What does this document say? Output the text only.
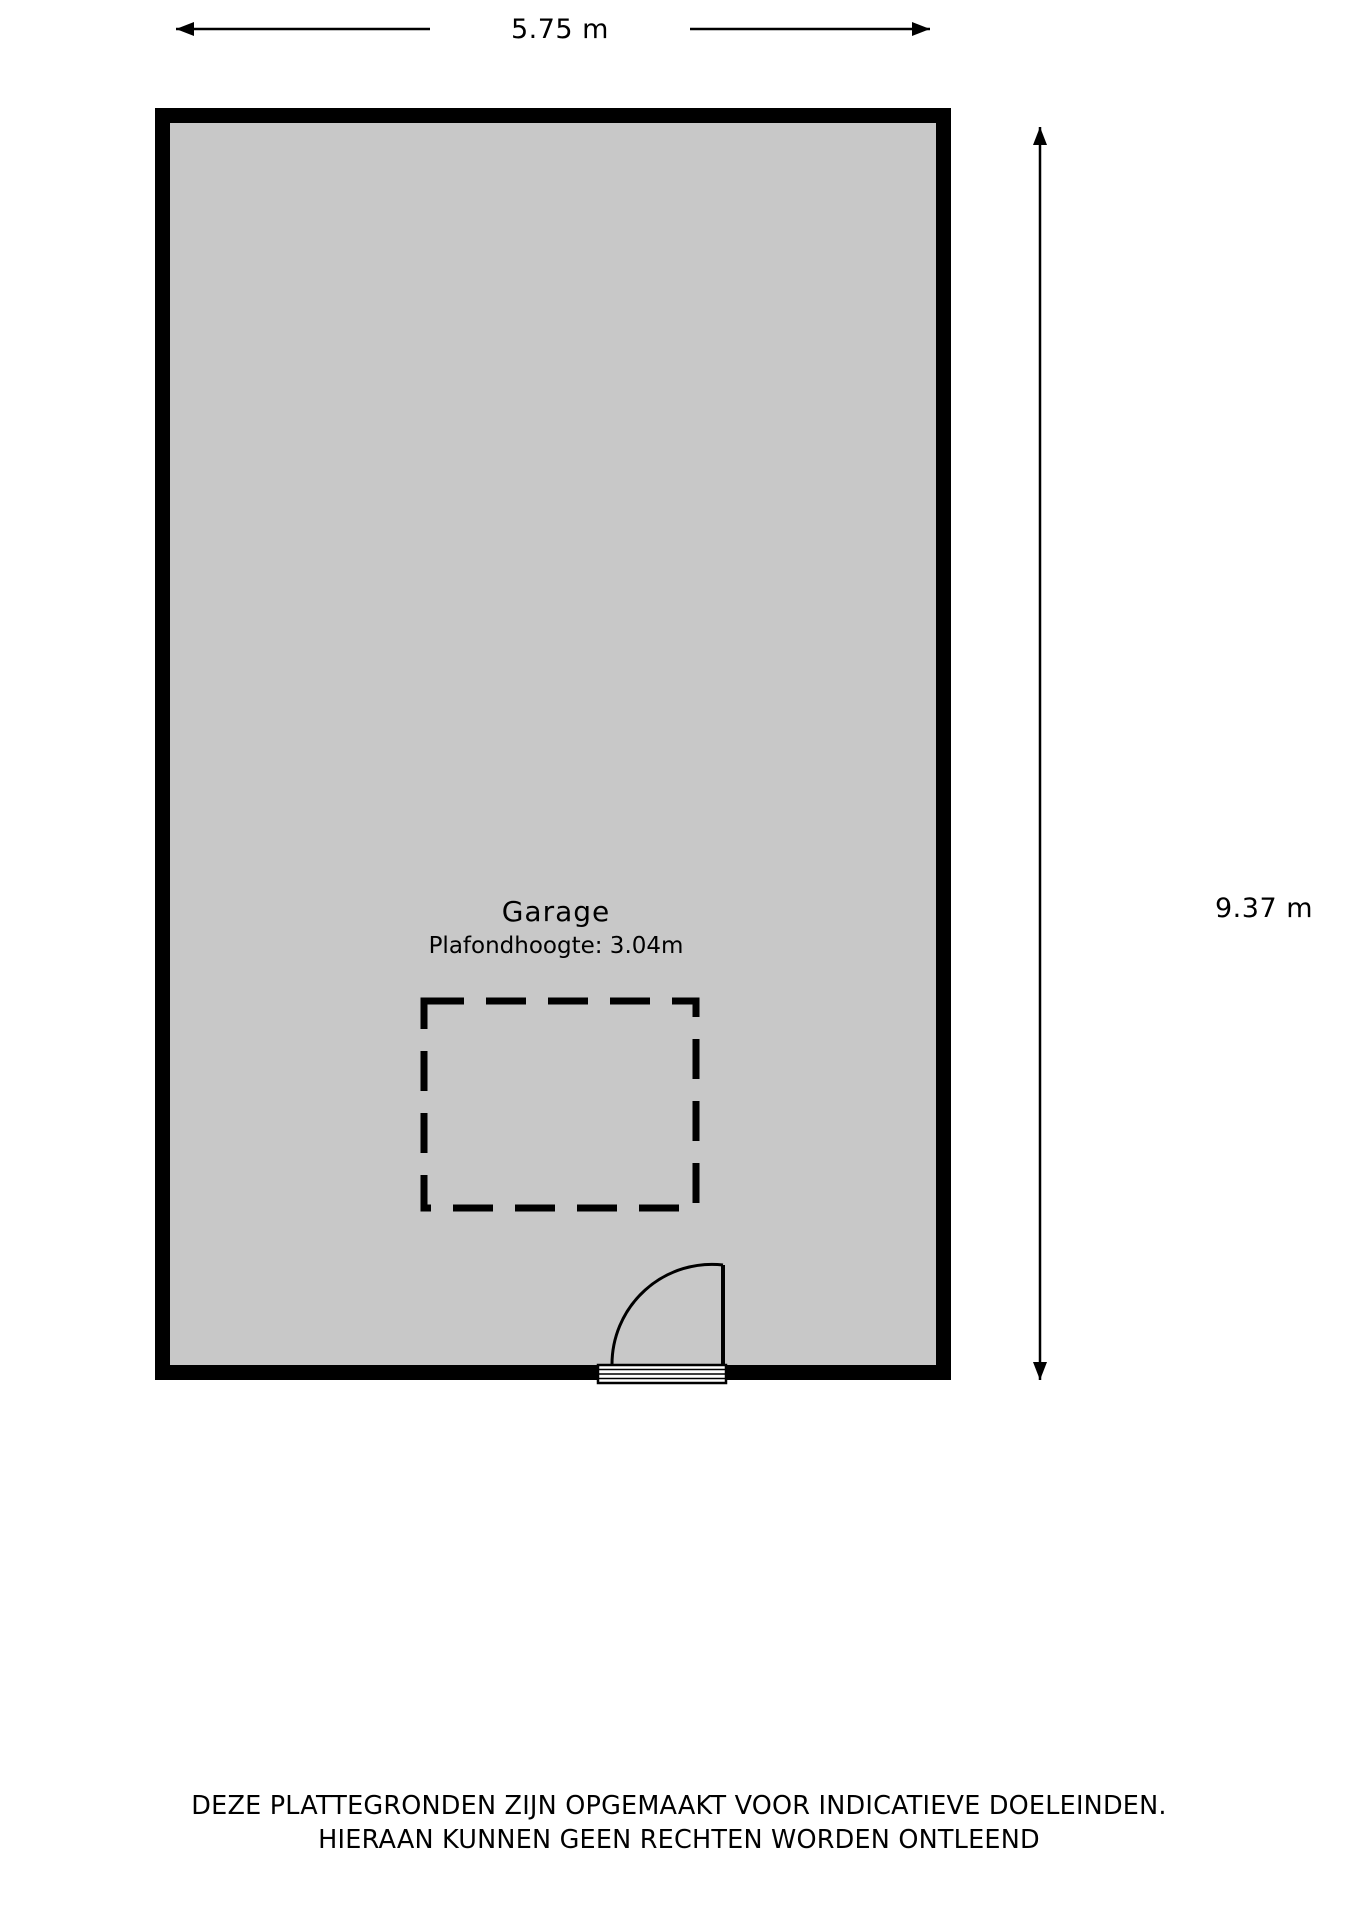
5.75 m
9.37 m
Garage
Plafondhoogte: 3.04m
DEZE PLATTEGRONDEN ZIJN OPGEMAAKT VOOR INDICATIEVE DOELEINDEN.
HIERAAN KUNNEN GEEN RECHTEN WORDEN ONTLEEND
